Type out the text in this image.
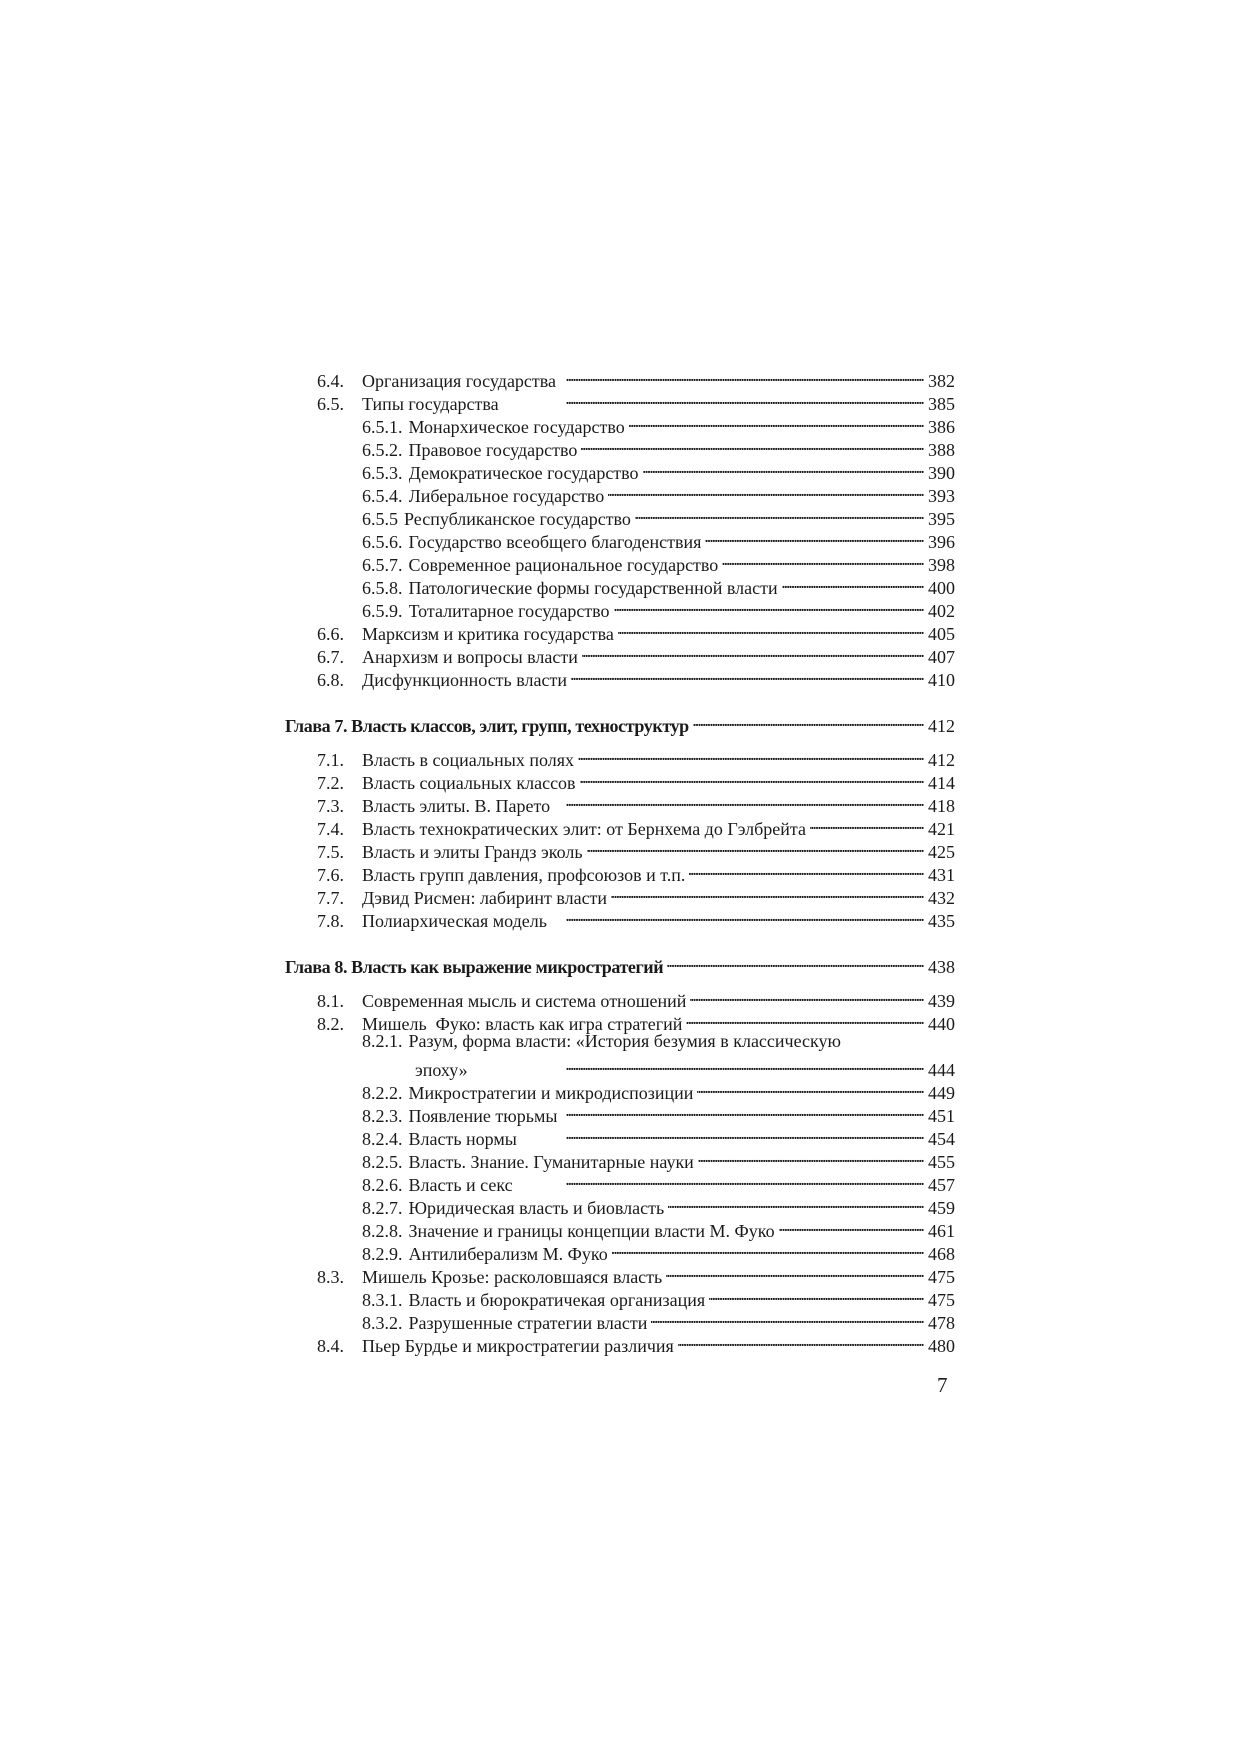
6.4.	Организация государства . . .	382
6.5.	Типы государства . . .	385
6.5.1. Монархическое государство . . .	386
6.5.2. Правовое государство . . .	388
6.5.3. Демократическое государство . . .	390
6.5.4. Либеральное государство . . .	393
6.5.5 Республиканское государство . . .	395
6.5.6. Государство всеобщего благоденствия . . .	396
6.5.7. Современное рациональное государство . . .	398
6.5.8. Патологические формы государственной власти . . .	400
6.5.9. Тоталитарное государство . . .	402
6.6.	Марксизм и критика государства . . .	405
6.7.	Анархизм и вопросы власти . . .	407
6.8.	Дисфункционность власти . . .	410
Глава 7. Власть классов, элит, групп, техноструктур . . .	412
7.1.	Власть в социальных полях . . .	412
7.2.	Власть социальных классов . . .	414
7.3.	Власть элиты. В. Парето . . .	418
7.4.	Власть технократических элит: от Бернхема до Гэлбрейта . . .	421
7.5.	Власть и элиты Грандз эколь . . .	425
7.6.	Власть групп давления, профсоюзов и т.п. . . .	431
7.7.	Дэвид Рисмен: лабиринт власти . . .	432
7.8.	Полиархическая модель . . .	435
Глава 8. Власть как выражение микростратегий . . .	438
8.1.	Современная мысль и система отношений . . .	439
8.2.	Мишель  Фуко: власть как игра стратегий . . .	440
8.2.1. Разум, форма власти: «История безумия в классическую
эпоху» . . .	444
8.2.2. Микростратегии и микродиспозиции . . .	449
8.2.3. Появление тюрьмы . . .	451
8.2.4. Власть нормы . . .	454
8.2.5. Власть. Знание. Гуманитарные науки . . .	455
8.2.6. Власть и секс . . .	457
8.2.7. Юридическая власть и биовласть . . .	459
8.2.8. Значение и границы концепции власти М. Фуко . . .	461
8.2.9. Антилиберализм М. Фуко . . .	468
8.3.	Мишель Крозье: расколовшаяся власть . . .	475
8.3.1. Власть и бюрократичекая организация . . .	475
8.3.2. Разрушенные стратегии власти . . .	478
8.4.	Пьер Бурдье и микростратегии различия . . .	480
7
